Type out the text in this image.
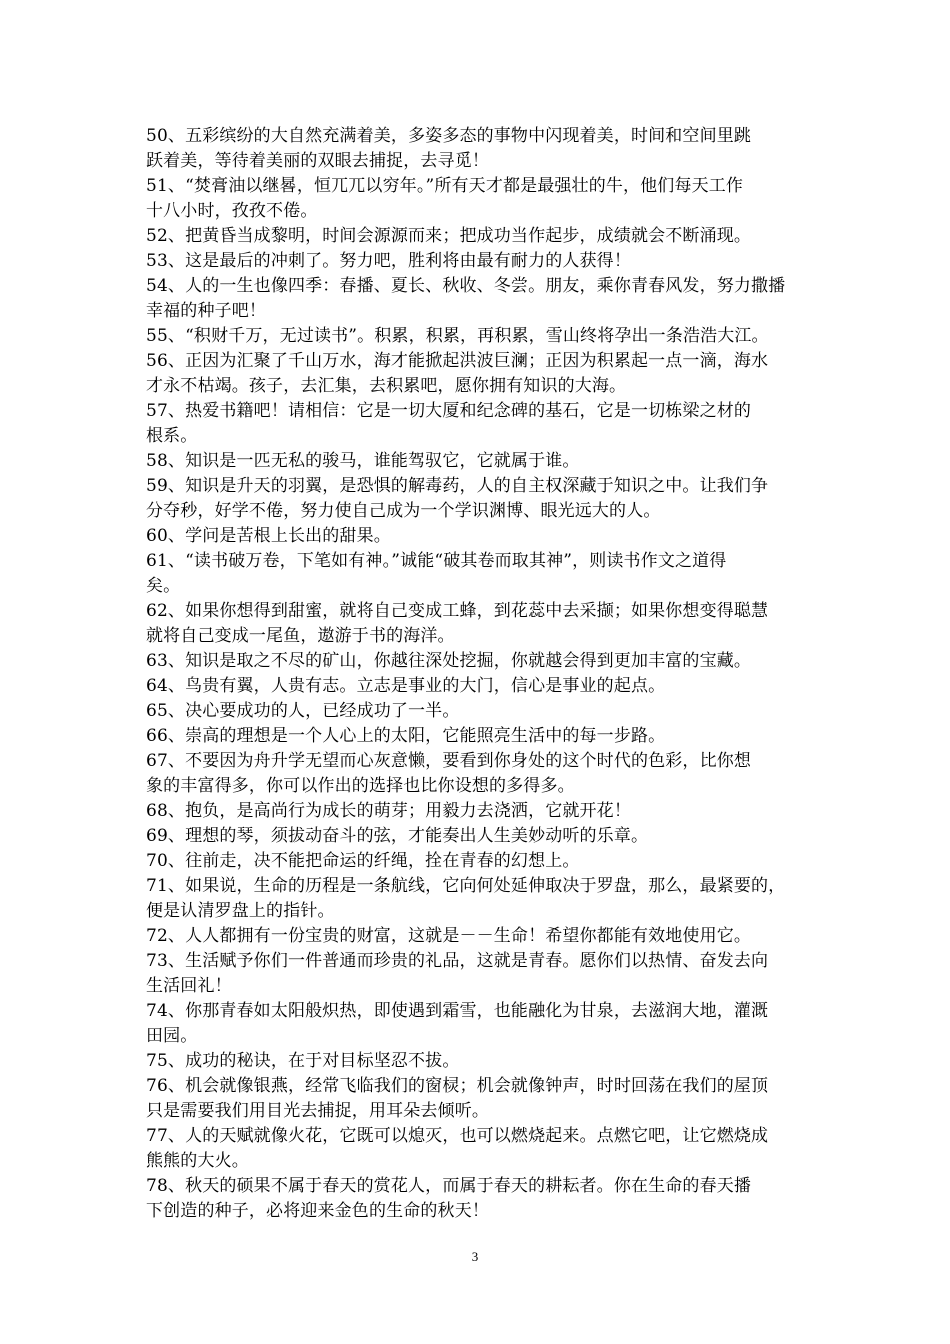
50、五彩缤纷的大自然充满着美，多姿多态的事物中闪现着美，时间和空间里跳
跃着美，等待着美丽的双眼去捕捉，去寻觅！

51、“焚膏油以继晷，恒兀兀以穷年。”所有天才都是最强壮的牛，他们每天工作
十八小时，孜孜不倦。

52、把黄昏当成黎明，时间会源源而来；把成功当作起步，成绩就会不断涌现。

53、这是最后的冲刺了。努力吧，胜利将由最有耐力的人获得！

54、人的一生也像四季：春播、夏长、秋收、冬尝。朋友，乘你青春风发，努力撒播
幸福的种子吧！

55、“积财千万，无过读书”。积累，积累，再积累，雪山终将孕出一条浩浩大江。

56、正因为汇聚了千山万水，海才能掀起洪波巨澜；正因为积累起一点一滴，海水
才永不枯竭。孩子，去汇集，去积累吧，愿你拥有知识的大海。

57、热爱书籍吧！请相信：它是一切大厦和纪念碑的基石，它是一切栋梁之材的
根系。

58、知识是一匹无私的骏马，谁能驾驭它，它就属于谁。

59、知识是升天的羽翼，是恐惧的解毒药，人的自主权深藏于知识之中。让我们争
分夺秒，好学不倦，努力使自己成为一个学识渊博、眼光远大的人。

60、学问是苦根上长出的甜果。

61、“读书破万卷，下笔如有神。”诚能“破其卷而取其神”，则读书作文之道得
矣。

62、如果你想得到甜蜜，就将自己变成工蜂，到花蕊中去采撷；如果你想变得聪慧
就将自己变成一尾鱼，遨游于书的海洋。

63、知识是取之不尽的矿山，你越往深处挖掘，你就越会得到更加丰富的宝藏。

64、鸟贵有翼，人贵有志。立志是事业的大门，信心是事业的起点。

65、决心要成功的人，已经成功了一半。

66、崇高的理想是一个人心上的太阳，它能照亮生活中的每一步路。

67、不要因为舟升学无望而心灰意懒，要看到你身处的这个时代的色彩，比你想
象的丰富得多，你可以作出的选择也比你设想的多得多。

68、抱负，是高尚行为成长的萌芽；用毅力去浇洒，它就开花！

69、理想的琴，须拔动奋斗的弦，才能奏出人生美妙动听的乐章。

70、往前走，决不能把命运的纤绳，拴在青春的幻想上。

71、如果说，生命的历程是一条航线，它向何处延伸取决于罗盘，那么，最紧要的，
便是认清罗盘上的指针。

72、人人都拥有一份宝贵的财富，这就是－－生命！希望你都能有效地使用它。

73、生活赋予你们一件普通而珍贵的礼品，这就是青春。愿你们以热情、奋发去向
生活回礼！

74、你那青春如太阳般炽热，即使遇到霜雪，也能融化为甘泉，去滋润大地，灌溉
田园。

75、成功的秘诀，在于对目标坚忍不拔。

76、机会就像银燕，经常飞临我们的窗棂；机会就像钟声，时时回荡在我们的屋顶
只是需要我们用目光去捕捉，用耳朵去倾听。

77、人的天赋就像火花，它既可以熄灭，也可以燃烧起来。点燃它吧，让它燃烧成
熊熊的大火。

78、秋天的硕果不属于春天的赏花人，而属于春天的耕耘者。你在生命的春天播
下创造的种子，必将迎来金色的生命的秋天！

3
